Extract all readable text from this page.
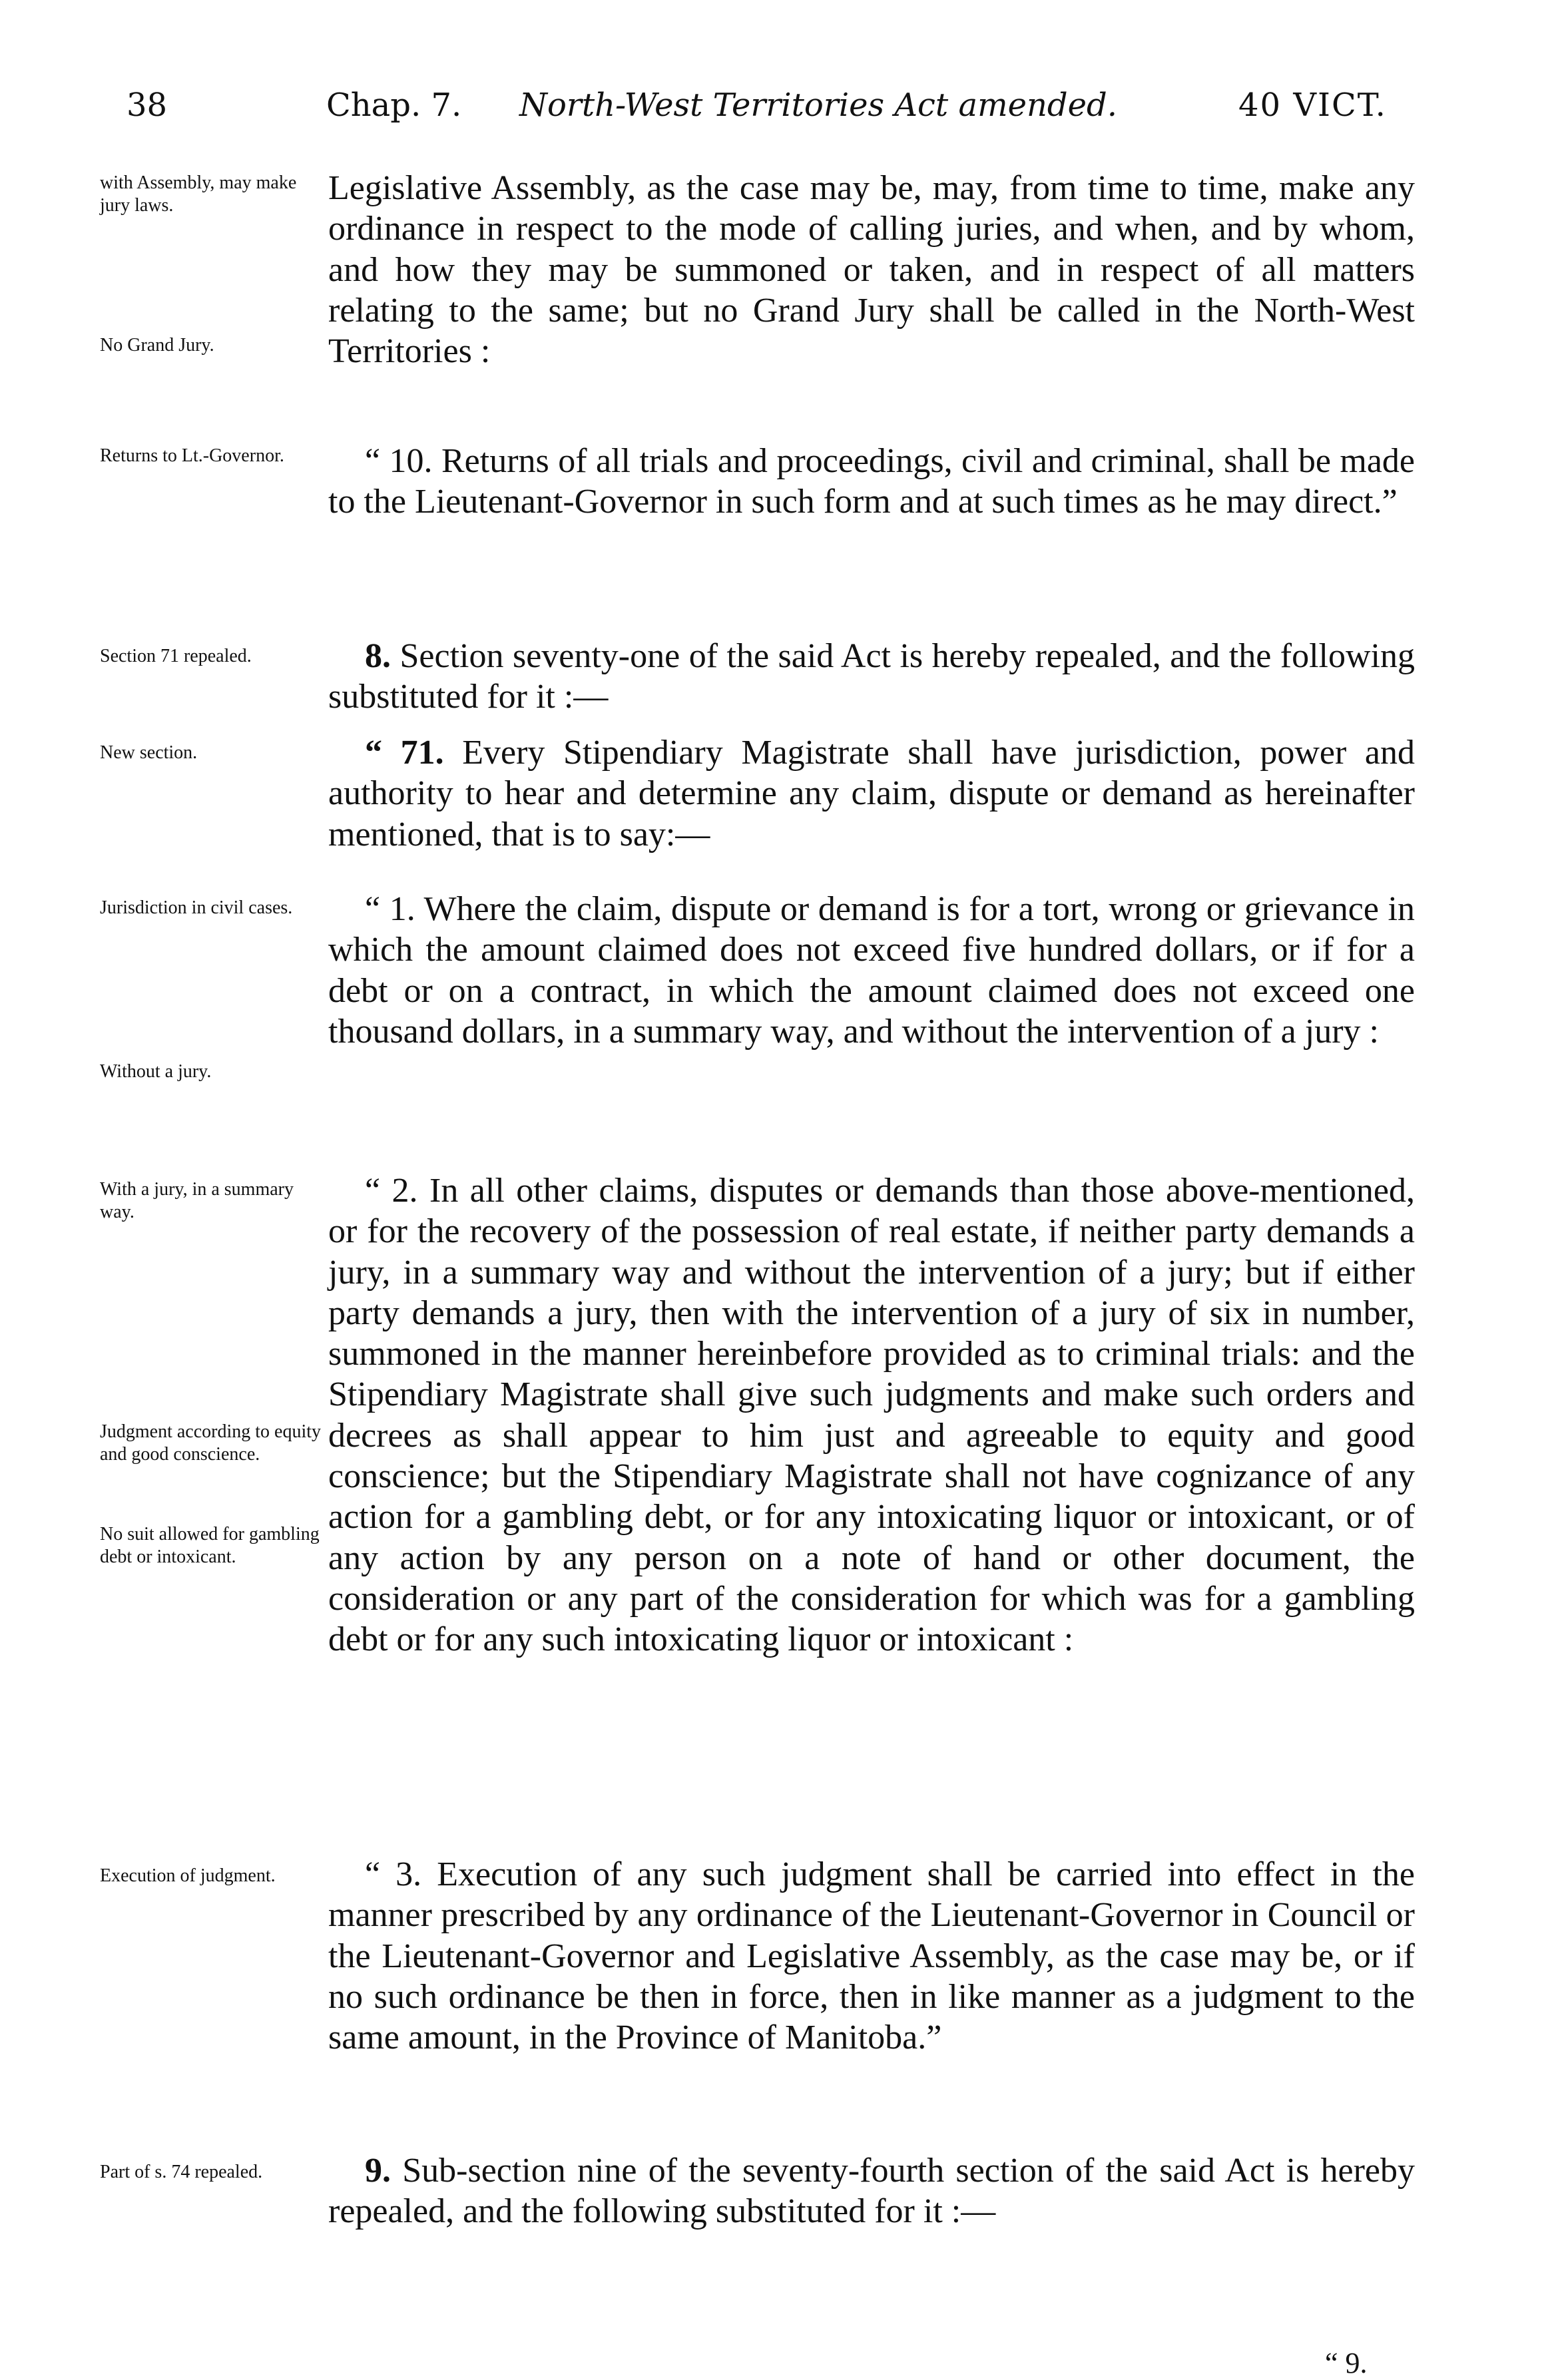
38	Chap. 7. North-West Territories Act amended.	40 VICT.
with Assembly, may make jury laws.
No Grand Jury.

Legislative Assembly, as the case may be, may, from time to time, make any ordinance in respect to the mode of calling juries, and when, and by whom, and how they may be summoned or taken, and in respect of all matters relating to the same; but no Grand Jury shall be called in the North-West Territories :

Returns to Lt.-Governor.	“ 10. Returns of all trials and proceedings, civil and criminal, shall be made to the Lieutenant-Governor in such form and at such times as he may direct.”

Section 71 repealed.	8. Section seventy-one of the said Act is hereby repealed, and the following substituted for it :—

New section.	“ 71. Every Stipendiary Magistrate shall have jurisdiction, power and authority to hear and determine any claim, dispute or demand as hereinafter mentioned, that is to say:—

Jurisdiction in civil cases.
Without a jury.

“ 1. Where the claim, dispute or demand is for a tort, wrong or grievance in which the amount claimed does not exceed five hundred dollars, or if for a debt or on a contract, in which the amount claimed does not exceed one thousand dollars, in a summary way, and without the intervention of a jury :

With a jury, in a summary way.
Judgment according to equity and good conscience.
No suit allowed for gambling debt or intoxicant.

“ 2. In all other claims, disputes or demands than those above-mentioned, or for the recovery of the possession of real estate, if neither party demands a jury, in a summary way and without the intervention of a jury; but if either party demands a jury, then with the intervention of a jury of six in number, summoned in the manner hereinbefore provided as to criminal trials: and the Stipendiary Magistrate shall give such judgments and make such orders and decrees as shall appear to him just and agreeable to equity and good conscience; but the Stipendiary Magistrate shall not have cognizance of any action for a gambling debt, or for any intoxicating liquor or intoxicant, or of any action by any person on a note of hand or other document, the consideration or any part of the consideration for which was for a gambling debt or for any such intoxicating liquor or intoxicant :

Execution of judgment.	“ 3. Execution of any such judgment shall be carried into effect in the manner prescribed by any ordinance of the Lieutenant-Governor in Council or the Lieutenant-Governor and Legislative Assembly, as the case may be, or if no such ordinance be then in force, then in like manner as a judgment to the same amount, in the Province of Manitoba.”

Part of s. 74 repealed.	9. Sub-section nine of the seventy-fourth section of the said Act is hereby repealed, and the following substituted for it :—

“ 9.
